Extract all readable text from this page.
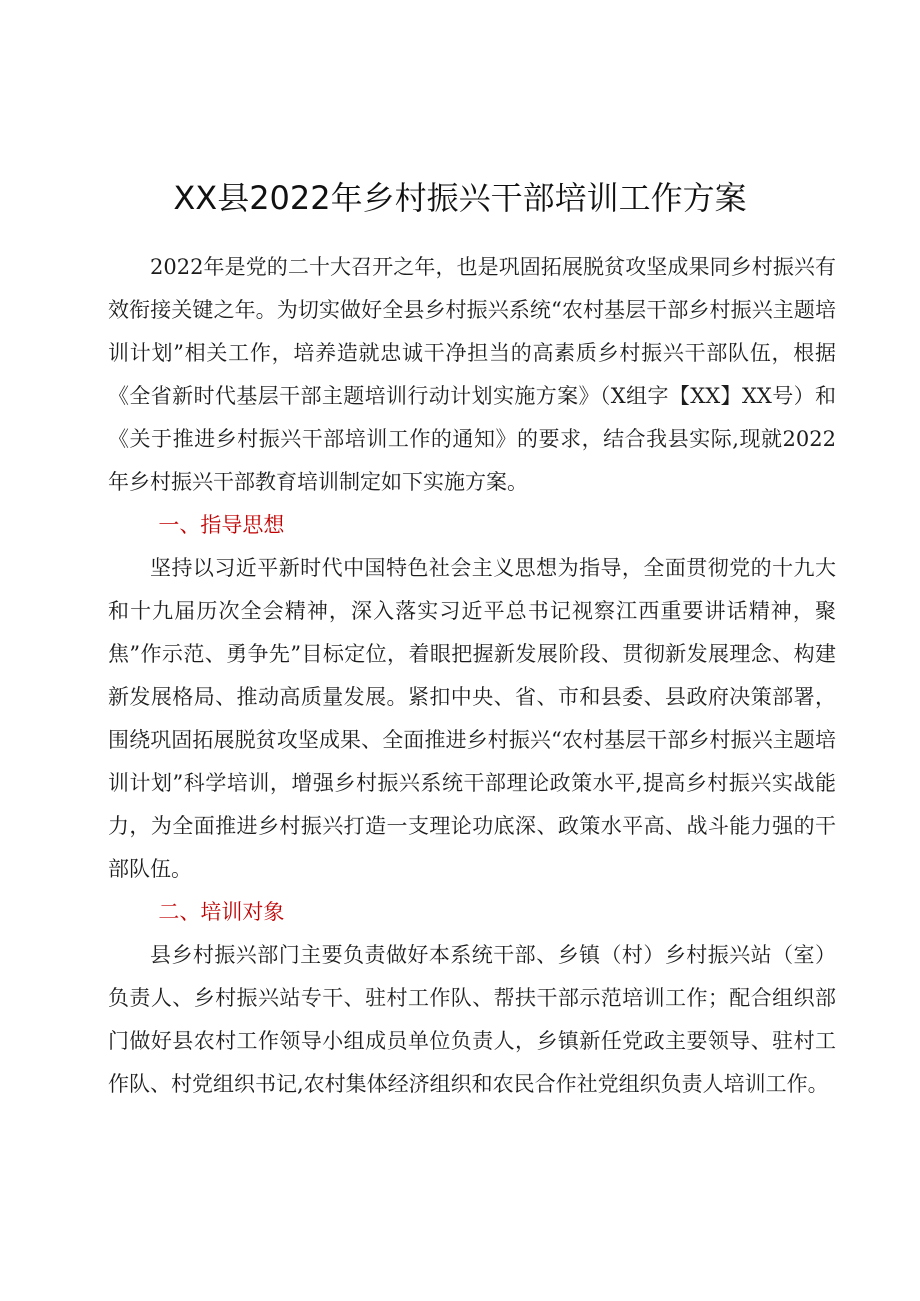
XX县2022年乡村振兴干部培训工作方案

2022年是党的二十大召开之年，也是巩固拓展脱贫攻坚成果同乡村振兴有效衔接关键之年。为切实做好全县乡村振兴系统“农村基层干部乡村振兴主题培训计划”相关工作，培养造就忠诚干净担当的高素质乡村振兴干部队伍，根据《全省新时代基层干部主题培训行动计划实施方案》（X组字【XX】XX号）和《关于推进乡村振兴干部培训工作的通知》的要求，结合我县实际,现就2022年乡村振兴干部教育培训制定如下实施方案。

一、指导思想

坚持以习近平新时代中国特色社会主义思想为指导，全面贯彻党的十九大和十九届历次全会精神，深入落实习近平总书记视察江西重要讲话精神，聚焦”作示范、勇争先”目标定位，着眼把握新发展阶段、贯彻新发展理念、构建新发展格局、推动高质量发展。紧扣中央、省、市和县委、县政府决策部署，围绕巩固拓展脱贫攻坚成果、全面推进乡村振兴“农村基层干部乡村振兴主题培训计划”科学培训，增强乡村振兴系统干部理论政策水平,提高乡村振兴实战能力，为全面推进乡村振兴打造一支理论功底深、政策水平高、战斗能力强的干部队伍。

二、培训对象

县乡村振兴部门主要负责做好本系统干部、乡镇（村）乡村振兴站（室）负责人、乡村振兴站专干、驻村工作队、帮扶干部示范培训工作；配合组织部门做好县农村工作领导小组成员单位负责人，乡镇新任党政主要领导、驻村工作队、村党组织书记,农村集体经济组织和农民合作社党组织负责人培训工作。
